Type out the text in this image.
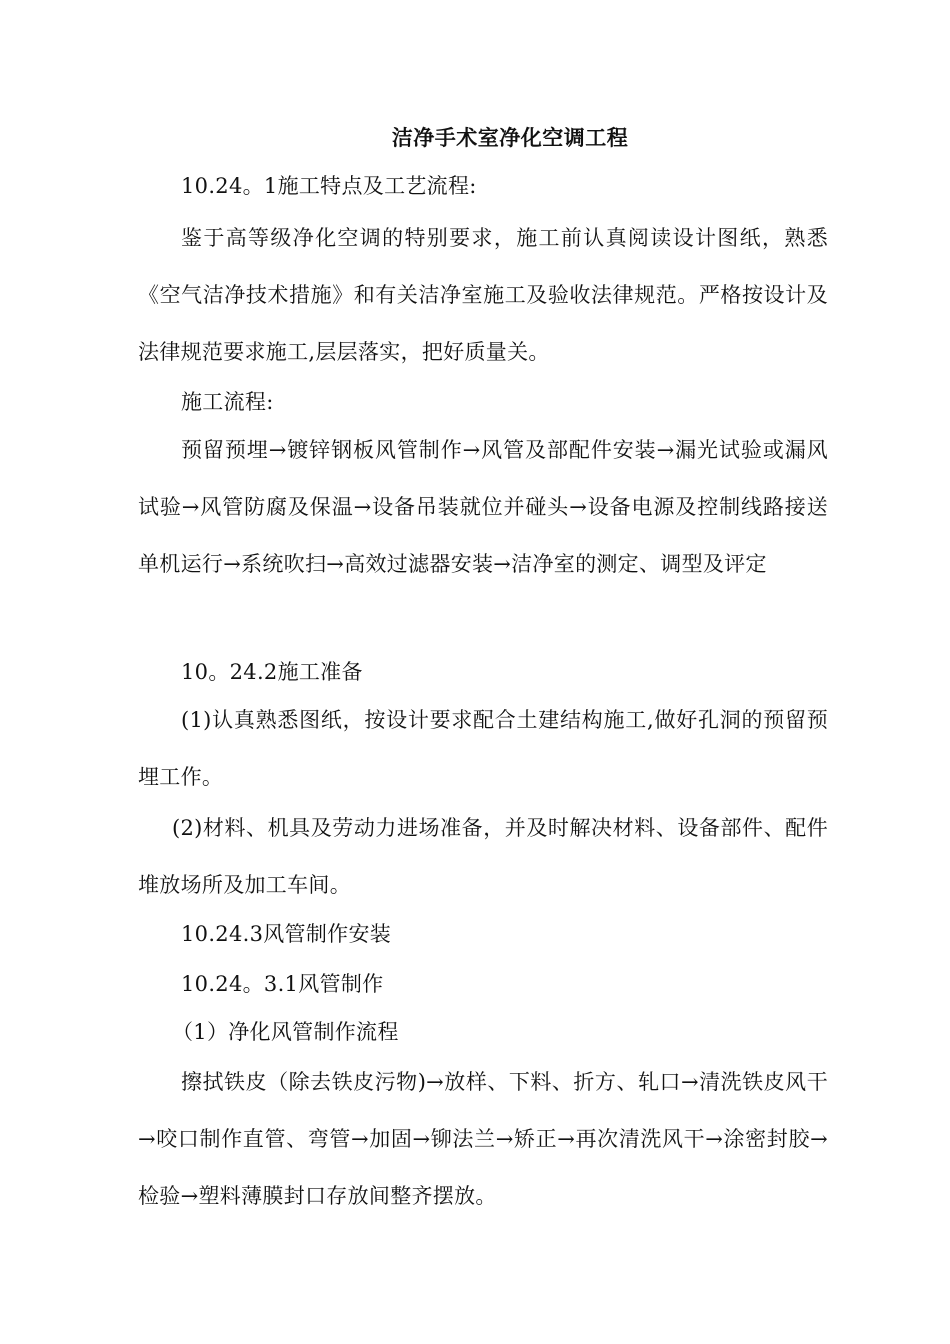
洁净手术室净化空调工程
10.24。1施工特点及工艺流程:
鉴于高等级净化空调的特别要求，施工前认真阅读设计图纸，熟悉《空气洁净技术措施》和有关洁净室施工及验收法律规范。严格按设计及法律规范要求施工,层层落实，把好质量关。
施工流程:
预留预埋→镀锌钢板风管制作→风管及部配件安装→漏光试验或漏风试验→风管防腐及保温→设备吊装就位并碰头→设备电源及控制线路接送单机运行→系统吹扫→高效过滤器安装→洁净室的测定、调型及评定
10。24.2施工准备
(1)认真熟悉图纸，按设计要求配合土建结构施工,做好孔洞的预留预埋工作。
(2)材料、机具及劳动力进场准备，并及时解决材料、设备部件、配件堆放场所及加工车间。
10.24.3风管制作安装
10.24。3.1风管制作
（1）净化风管制作流程
擦拭铁皮（除去铁皮污物)→放样、下料、折方、轧口→清洗铁皮风干→咬口制作直管、弯管→加固→铆法兰→矫正→再次清洗风干→涂密封胶→检验→塑料薄膜封口存放间整齐摆放。
